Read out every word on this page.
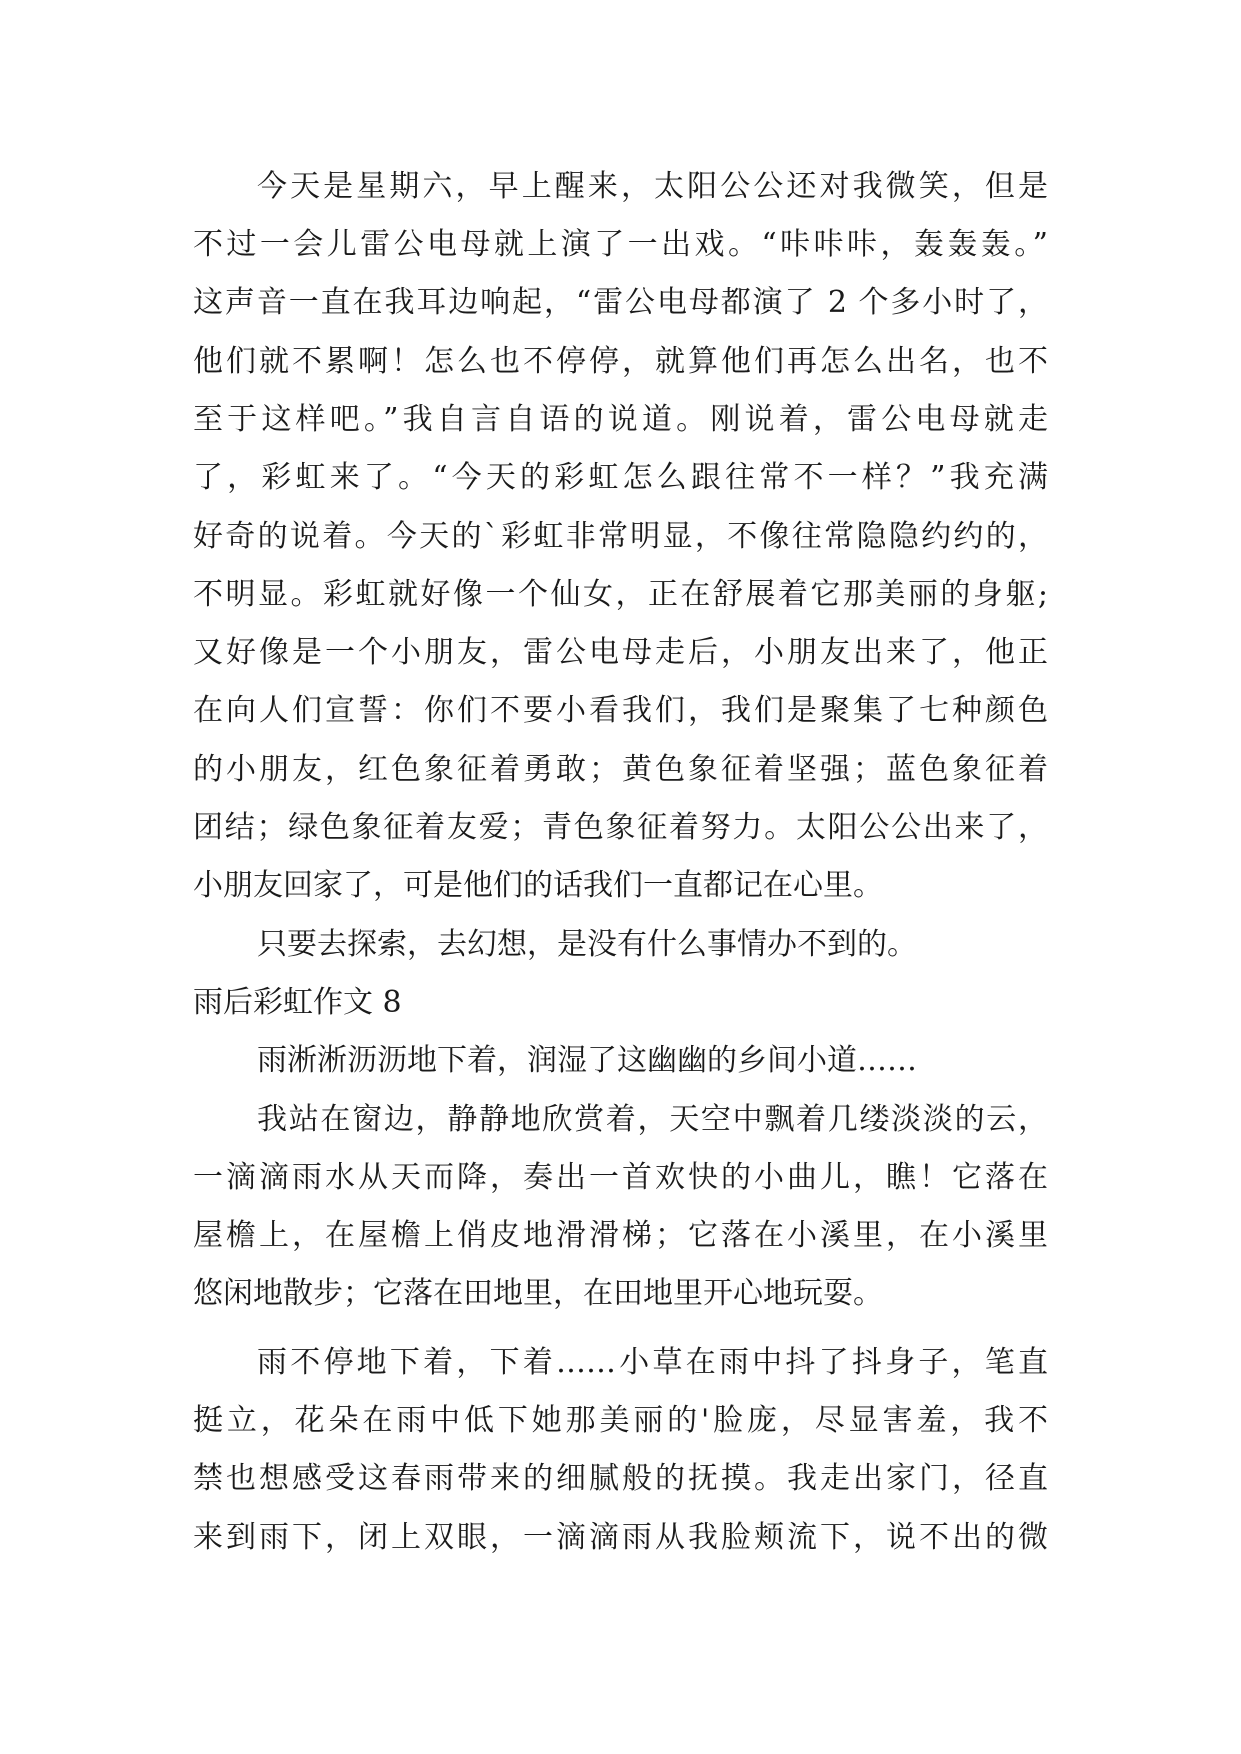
今天是星期六，早上醒来，太阳公公还对我微笑，但是
不过一会儿雷公电母就上演了一出戏。“咔咔咔，轰轰轰。”
这声音一直在我耳边响起，“雷公电母都演了 2 个多小时了，
他们就不累啊！怎么也不停停，就算他们再怎么出名，也不
至于这样吧。”我自言自语的说道。刚说着，雷公电母就走
了，彩虹来了。“今天的彩虹怎么跟往常不一样？”我充满
好奇的说着。今天的`彩虹非常明显，不像往常隐隐约约的，
不明显。彩虹就好像一个仙女，正在舒展着它那美丽的身躯;
又好像是一个小朋友，雷公电母走后，小朋友出来了，他正
在向人们宣誓：你们不要小看我们，我们是聚集了七种颜色
的小朋友，红色象征着勇敢；黄色象征着坚强；蓝色象征着
团结；绿色象征着友爱；青色象征着努力。太阳公公出来了，
小朋友回家了，可是他们的话我们一直都记在心里。
只要去探索，去幻想，是没有什么事情办不到的。
雨后彩虹作文 8
雨淅淅沥沥地下着，润湿了这幽幽的乡间小道……
我站在窗边，静静地欣赏着，天空中飘着几缕淡淡的云，
一滴滴雨水从天而降，奏出一首欢快的小曲儿，瞧！它落在
屋檐上，在屋檐上俏皮地滑滑梯；它落在小溪里，在小溪里
悠闲地散步；它落在田地里，在田地里开心地玩耍。
雨不停地下着，下着……小草在雨中抖了抖身子，笔直
挺立，花朵在雨中低下她那美丽的'脸庞，尽显害羞，我不
禁也想感受这春雨带来的细腻般的抚摸。我走出家门，径直
来到雨下，闭上双眼，一滴滴雨从我脸颊流下，说不出的微
